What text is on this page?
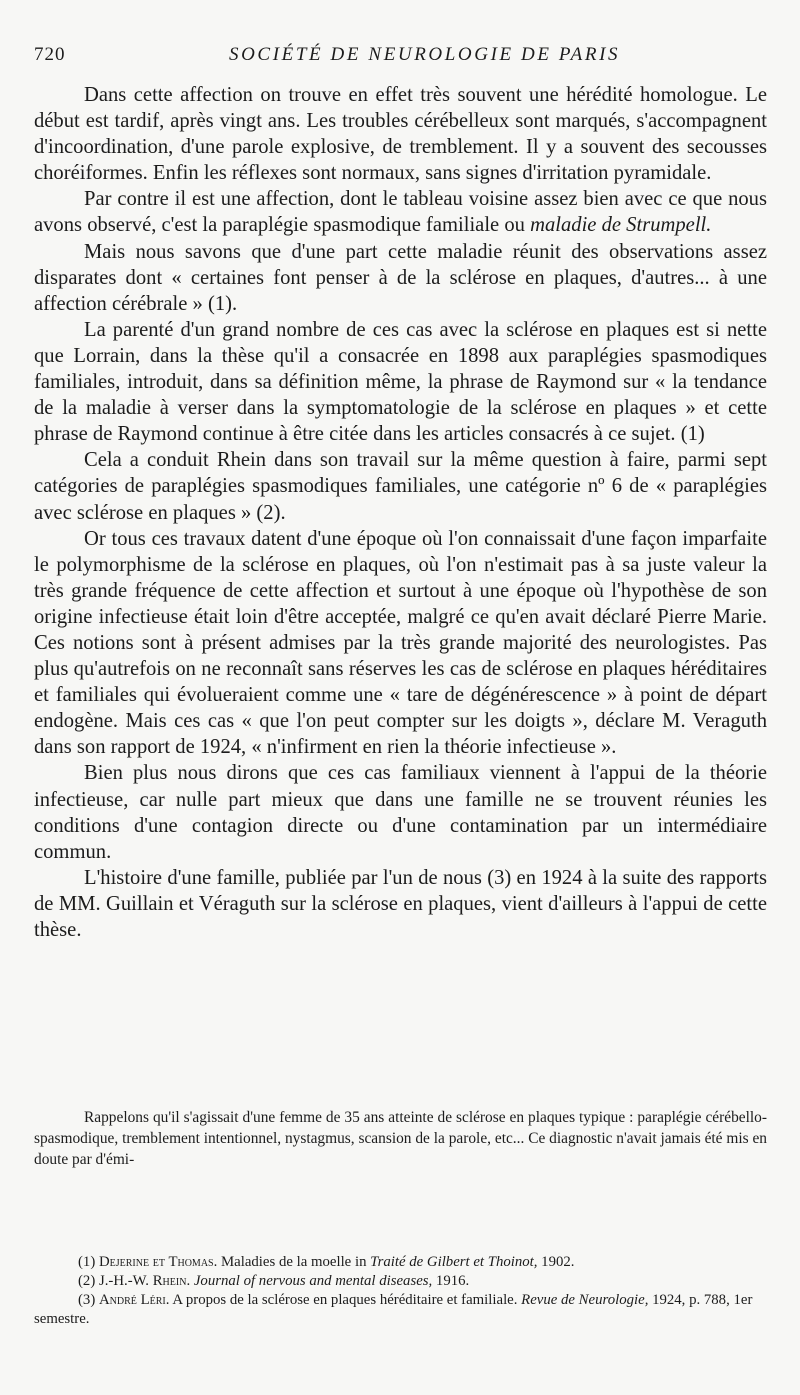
720	SOCIÉTÉ DE NEUROLOGIE DE PARIS

Dans cette affection on trouve en effet très souvent une hérédité homologue. Le début est tardif, après vingt ans. Les troubles cérébelleux sont marqués, s'accompagnent d'incoordination, d'une parole explosive, de tremblement. Il y a souvent des secousses choréiformes. Enfin les réflexes sont normaux, sans signes d'irritation pyramidale.

Par contre il est une affection, dont le tableau voisine assez bien avec ce que nous avons observé, c'est la paraplégie spasmodique familiale ou maladie de Strumpell.

Mais nous savons que d'une part cette maladie réunit des observations assez disparates dont « certaines font penser à de la sclérose en plaques, d'autres... à une affection cérébrale » (1).

La parenté d'un grand nombre de ces cas avec la sclérose en plaques est si nette que Lorrain, dans la thèse qu'il a consacrée en 1898 aux paraplégies spasmodiques familiales, introduit, dans sa définition même, la phrase de Raymond sur « la tendance de la maladie à verser dans la symptomatologie de la sclérose en plaques » et cette phrase de Raymond continue à être citée dans les articles consacrés à ce sujet. (1)

Cela a conduit Rhein dans son travail sur la même question à faire, parmi sept catégories de paraplégies spasmodiques familiales, une catégorie nº 6 de « paraplégies avec sclérose en plaques » (2).

Or tous ces travaux datent d'une époque où l'on connaissait d'une façon imparfaite le polymorphisme de la sclérose en plaques, où l'on n'estimait pas à sa juste valeur la très grande fréquence de cette affection et surtout à une époque où l'hypothèse de son origine infectieuse était loin d'être acceptée, malgré ce qu'en avait déclaré Pierre Marie. Ces notions sont à présent admises par la très grande majorité des neurologistes. Pas plus qu'autrefois on ne reconnaît sans réserves les cas de sclérose en plaques héréditaires et familiales qui évolueraient comme une « tare de dégénérescence » à point de départ endogène. Mais ces cas « que l'on peut compter sur les doigts », déclare M. Veraguth dans son rapport de 1924, « n'infirment en rien la théorie infectieuse ».

Bien plus nous dirons que ces cas familiaux viennent à l'appui de la théorie infectieuse, car nulle part mieux que dans une famille ne se trouvent réunies les conditions d'une contagion directe ou d'une contamination par un intermédiaire commun.

L'histoire d'une famille, publiée par l'un de nous (3) en 1924 à la suite des rapports de MM. Guillain et Véraguth sur la sclérose en plaques, vient d'ailleurs à l'appui de cette thèse.

Rappelons qu'il s'agissait d'une femme de 35 ans atteinte de sclérose en plaques typique : paraplégie cérébello-spasmodique, tremblement intentionnel, nystagmus, scansion de la parole, etc... Ce diagnostic n'avait jamais été mis en doute par d'émi-

(1) Dejerine et Thomas. Maladies de la moelle in Traité de Gilbert et Thoinot, 1902.

(2) J.-H.-W. Rhein. Journal of nervous and mental diseases, 1916.

(3) André Léri. A propos de la sclérose en plaques héréditaire et familiale. Revue de Neurologie, 1924, p. 788, 1er semestre.
